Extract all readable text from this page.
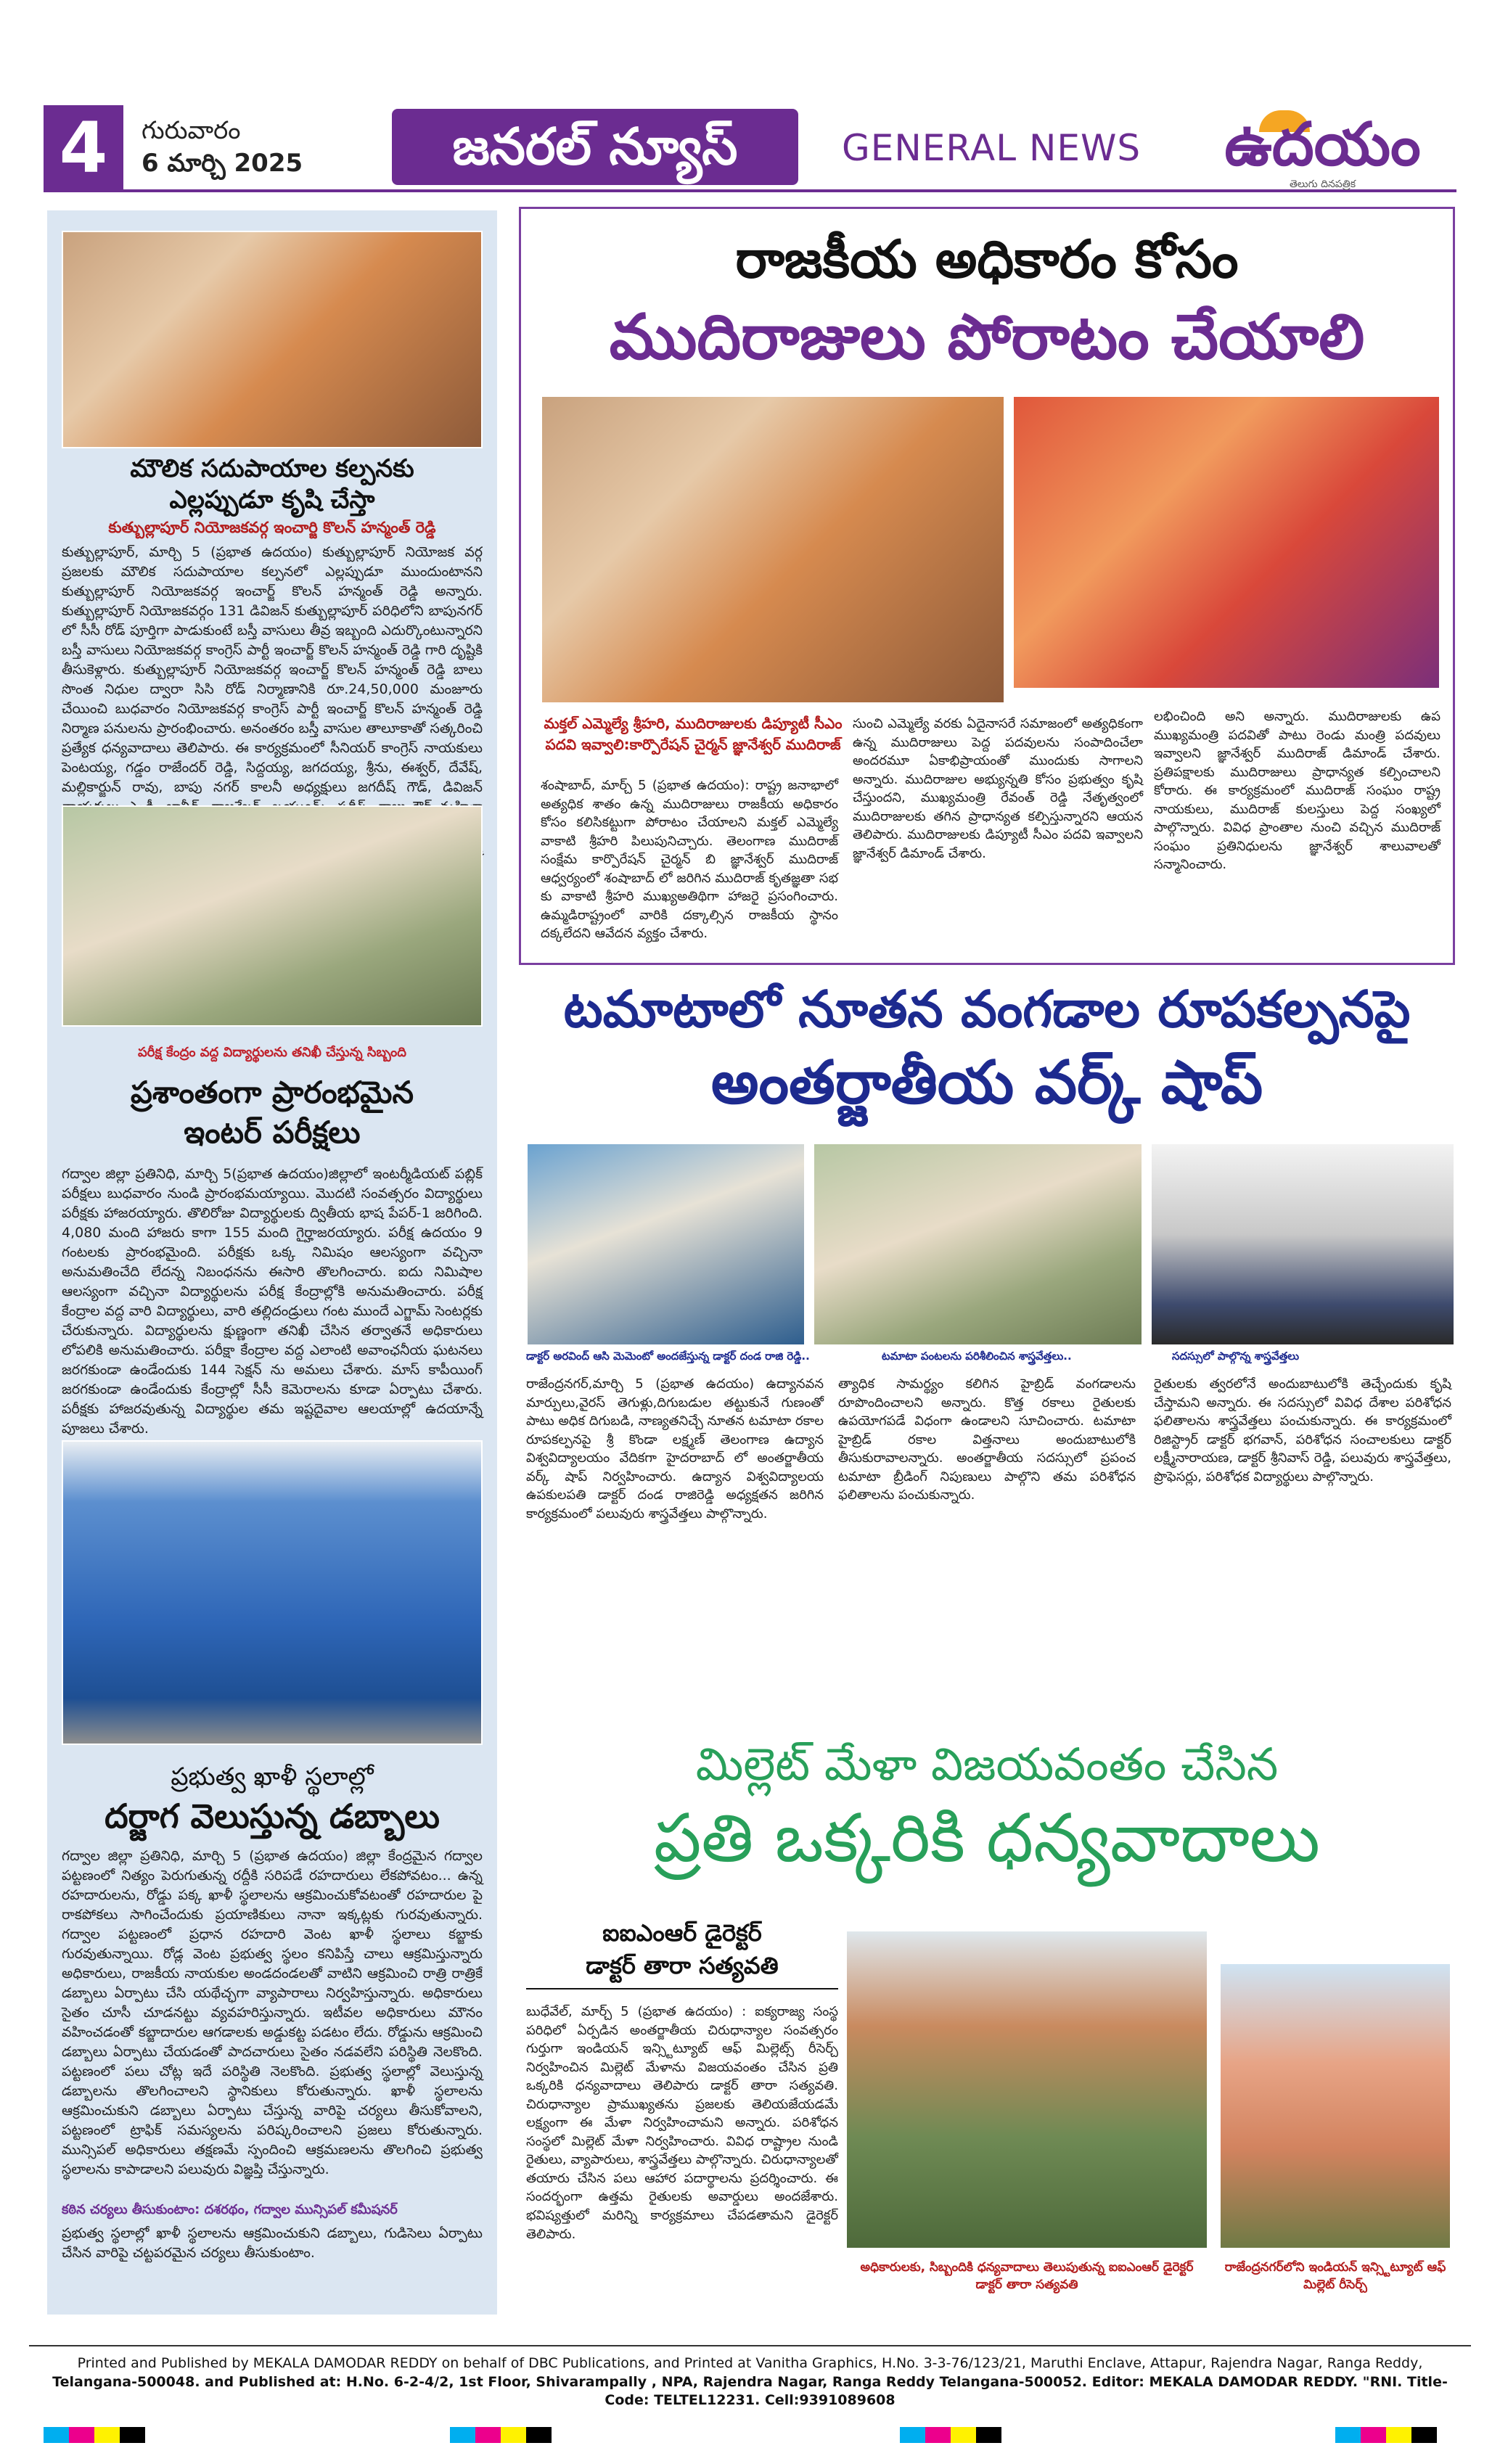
4	గురువారం
6 మార్చి 2025	జనరల్ న్యూస్	GENERAL NEWS	ఉదయం
తెలుగు దినపత్రిక
మౌలిక సదుపాయాల కల్పనకు
ఎల్లప్పుడూ కృషి చేస్తా
కుత్బుల్లాపూర్ నియోజకవర్గ ఇంచార్జి కొలన్ హన్మంత్ రెడ్డి
కుత్బుల్లాపూర్, మార్చి 5 (ప్రభాత ఉదయం) కుత్బుల్లాపూర్ నియోజక వర్గ ప్రజలకు మౌలిక సదుపాయాల కల్పనలో ఎల్లప్పుడూ ముందుంటానని కుత్బుల్లాపూర్ నియోజకవర్గ ఇంచార్జ్ కొలన్ హన్మంత్ రెడ్డి అన్నారు. కుత్బుల్లాపూర్ నియోజకవర్గం 131 డివిజన్ కుత్బుల్లాపూర్ పరిధిలోని బాపునగర్ లో సీసీ రోడ్ పూర్తిగా పాడుకుంటే బస్తీ వాసులు తీవ్ర ఇబ్బంది ఎదుర్కొంటున్నారని బస్తీ వాసులు నియోజకవర్గ కాంగ్రెస్ పార్టీ ఇంచార్జ్ కొలన్ హన్మంత్ రెడ్డి గారి దృష్టికి తీసుకెళ్లారు. కుత్బుల్లాపూర్ నియోజకవర్గ ఇంచార్జ్ కొలన్ హన్మంత్ రెడ్డి బాలు సొంత నిధుల ద్వారా సిసి రోడ్ నిర్మాణానికి రూ.24,50,000 మంజూరు చేయించి బుధవారం నియోజకవర్గ కాంగ్రెస్ పార్టీ ఇంచార్జ్ కొలన్ హన్మంత్ రెడ్డి నిర్మాణ పనులను ప్రారంభించారు. అనంతరం బస్తీ వాసుల తాలూకాతో సత్కరించి ప్రత్యేక ధన్యవాదాలు తెలిపారు. ఈ కార్యక్రమంలో సీనియర్ కాంగ్రెస్ నాయకులు పెంటయ్య, గడ్డం రాజేందర్ రెడ్డి, సిద్దయ్య, జగదయ్య, శ్రీను, ఈశ్వర్, దేవేష్, మల్లికార్జున్ రావు, బాపు నగర్ కాలనీ అధ్యక్షులు జగదీష్ గౌడ్, డివిజన్
పరీక్ష కేంద్రం వద్ద విద్యార్థులను తనిఖీ చేస్తున్న సిబ్బంది
ప్రశాంతంగా ప్రారంభమైన
ఇంటర్ పరీక్షలు
గద్వాల జిల్లా ప్రతినిధి, మార్చి 5(ప్రభాత ఉదయం)జిల్లాలో ఇంటర్మీడియట్ పబ్లిక్ పరీక్షలు బుధవారం నుండి ప్రారంభమయ్యాయి. మొదటి సంవత్సరం విద్యార్థులు పరీక్షకు హాజరయ్యారు. తొలిరోజు విద్యార్థులకు ద్వితీయ భాష పేపర్-1 జరిగింది. 4,080 మంది హాజరు కాగా 155 మంది గైర్హాజరయ్యారు. పరీక్ష ఉదయం 9 గంటలకు ప్రారంభమైంది. పరీక్షకు ఒక్క నిమిషం ఆలస్యంగా వచ్చినా అనుమతించేది లేదన్న నిబంధనను ఈసారి తొలగించారు. ఐదు నిమిషాల ఆలస్యంగా వచ్చినా విద్యార్థులను పరీక్ష కేంద్రాల్లోకి అనుమతించారు. పరీక్ష కేంద్రాల వద్ద వారి విద్యార్థులు, వారి తల్లిదండ్రులు గంట ముందే ఎగ్జామ్ సెంటర్లకు చేరుకున్నారు. విద్యార్థులను క్షుణ్ణంగా తనిఖీ చేసిన తర్వాతనే అధికారులు లోపలికి అనుమతించారు. పరీక్షా కేంద్రాల వద్ద ఎలాంటి అవాంఛనీయ ఘటనలు జరగకుండా ఉండేందుకు 144 సెక్షన్ ను అమలు చేశారు. మాస్ కాపీయింగ్ జరగకుండా ఉండేందుకు కేంద్రాల్లో సీసీ కెమెరాలను కూడా ఏర్పాటు చేశారు. పరీక్షకు హాజరవుతున్న విద్యార్థుల తమ ఇష్టదైవాల ఆలయాల్లో ఉదయాన్నే పూజలు చేశారు.
ప్రభుత్వ ఖాళీ స్థలాల్లో
దర్జాగ వెలుస్తున్న డబ్బాలు
గద్వాల జిల్లా ప్రతినిధి, మార్చి 5 (ప్రభాత ఉదయం) జిల్లా కేంద్రమైన గద్వాల పట్టణంలో నిత్యం పెరుగుతున్న రద్దీకి సరిపడే రహదారులు లేకపోవటం... ఉన్న రహదారులను, రోడ్డు పక్క ఖాళీ స్థలాలను ఆక్రమించుకోవటంతో రహదారుల పై రాకపోకలు సాగించేందుకు ప్రయాణికులు నానా ఇక్కట్లకు గురవుతున్నారు. గద్వాల పట్టణంలో ప్రధాన రహదారి వెంట ఖాళీ స్థలాలు కబ్జాకు గురవుతున్నాయి. రోడ్ల వెంట ప్రభుత్వ స్థలం కనిపిస్తే చాలు ఆక్రమిస్తున్నారు అధికారులు, రాజకీయ నాయకుల అండదండలతో వాటిని ఆక్రమించి రాత్రి రాత్రికే డబ్బాలు ఏర్పాటు చేసి యథేచ్ఛగా వ్యాపారాలు నిర్వహిస్తున్నారు. అధికారులు సైతం చూసీ చూడనట్టు వ్యవహరిస్తున్నారు. ఇటీవల అధికారులు మౌనం వహించడంతో కబ్జాదారుల ఆగడాలకు అడ్డుకట్ట పడటం లేదు. రోడ్డును ఆక్రమించి డబ్బాలు ఏర్పాటు చేయడంతో పాదచారులు సైతం నడవలేని పరిస్థితి నెలకొంది. పట్టణంలో పలు చోట్ల ఇదే పరిస్థితి నెలకొంది. ప్రభుత్వ స్థలాల్లో వెలుస్తున్న డబ్బాలను తొలగించాలని స్థానికులు కోరుతున్నారు. ఖాళీ స్థలాలను ఆక్రమించుకుని డబ్బాలు ఏర్పాటు చేస్తున్న వారిపై చర్యలు తీసుకోవాలని, పట్టణంలో ట్రాఫిక్ సమస్యలను పరిష్కరించాలని ప్రజలు కోరుతున్నారు. మున్సిపల్ అధికారులు తక్షణమే స్పందించి ఆక్రమణలను తొలగించి ప్రభుత్వ స్థలాలను కాపాడాలని పలువురు విజ్ఞప్తి చేస్తున్నారు.
కఠిన చర్యలు తీసుకుంటాం: దశరథం, గద్వాల మున్సిపల్ కమీషనర్
ప్రభుత్వ స్థలాల్లో ఖాళీ స్థలాలను ఆక్రమించుకుని డబ్బాలు, గుడిసెలు ఏర్పాటు చేసిన వారిపై చట్టపరమైన చర్యలు తీసుకుంటాం.
రాజకీయ అధికారం కోసం
ముదిరాజులు పోరాటం చేయాలి
మక్తల్ ఎమ్మెల్యే శ్రీహరి, ముదిరాజులకు డిప్యూటీ సీఎం పదవి ఇవ్వాలి:కార్పొరేషన్ చైర్మన్ జ్ఞానేశ్వర్ ముదిరాజ్
శంషాబాద్, మార్చ్ 5 (ప్రభాత ఉదయం): రాష్ట్ర జనాభాలో అత్యధిక శాతం ఉన్న ముదిరాజులు రాజకీయ అధికారం కోసం కలిసికట్టుగా పోరాటం చేయాలని మక్తల్ ఎమ్మెల్యే వాకాటి శ్రీహరి పిలుపునిచ్చారు. తెలంగాణ ముదిరాజ్ సంక్షేమ కార్పొరేషన్ చైర్మన్ బి జ్ఞానేశ్వర్ ముదిరాజ్ ఆధ్వర్యంలో శంషాబాద్ లో జరిగిన ముదిరాజ్ కృతజ్ఞతా సభ కు వాకాటి శ్రీహరి ముఖ్యఅతిథిగా హాజరై ప్రసంగించారు. ఉమ్మడిరాష్ట్రంలో వారికి దక్కాల్సిన రాజకీయ స్థానం దక్కలేదని ఆవేదన వ్యక్తం చేశారు.
సుంచి ఎమ్మెల్యే వరకు ఏదైనాసరే సమాజంలో అత్యధికంగా ఉన్న ముదిరాజులు పెద్ద పదవులను సంపాదించేలా అందరమూ ఏకాభిప్రాయంతో ముందుకు సాగాలని అన్నారు. ముదిరాజుల అభ్యున్నతి కోసం ప్రభుత్వం కృషి చేస్తుందని, ముఖ్యమంత్రి రేవంత్ రెడ్డి నేతృత్వంలో ముదిరాజులకు తగిన ప్రాధాన్యత కల్పిస్తున్నారని ఆయన తెలిపారు. ముదిరాజులకు డిప్యూటీ సీఎం పదవి ఇవ్వాలని జ్ఞానేశ్వర్ డిమాండ్ చేశారు.
లభించింది అని అన్నారు. ముదిరాజులకు ఉప ముఖ్యమంత్రి పదవితో పాటు రెండు మంత్రి పదవులు ఇవ్వాలని జ్ఞానేశ్వర్ ముదిరాజ్ డిమాండ్ చేశారు. ప్రతిపక్షాలకు ముదిరాజులు ప్రాధాన్యత కల్పించాలని కోరారు. ఈ కార్యక్రమంలో ముదిరాజ్ సంఘం రాష్ట్ర నాయకులు, ముదిరాజ్ కులస్తులు పెద్ద సంఖ్యలో పాల్గొన్నారు. వివిధ ప్రాంతాల నుంచి వచ్చిన ముదిరాజ్ సంఘం ప్రతినిధులను జ్ఞానేశ్వర్ శాలువాలతో సన్మానించారు.
టమాటాలో నూతన వంగడాల రూపకల్పనపై
అంతర్జాతీయ వర్క్ షాప్
డాక్టర్ అరవింద్ ఆసి మెమెంటో అందజేస్తున్న డాక్టర్ దండ రాజి రెడ్డి..	టమాటా పంటలను పరిశీలించిన శాస్త్రవేత్తలు..	సదస్సులో పాల్గొన్న శాస్త్రవేత్తలు
రాజేంద్రనగర్,మార్చి 5 (ప్రభాత ఉదయం) ఉద్యానవన మార్పులు,వైరస్ తెగుళ్లు,దిగుబడుల తట్టుకునే గుణంతో పాటు అధిక దిగుబడి, నాణ్యతనిచ్చే నూతన టమాటా రకాల రూపకల్పనపై శ్రీ కొండా లక్ష్మణ్ తెలంగాణ ఉద్యాన విశ్వవిద్యాలయం వేదికగా హైదరాబాద్ లో అంతర్జాతీయ వర్క్ షాప్ నిర్వహించారు. ఉద్యాన విశ్వవిద్యాలయ ఉపకులపతి డాక్టర్ దండ రాజిరెడ్డి అధ్యక్షతన జరిగిన కార్యక్రమంలో పలువురు శాస్త్రవేత్తలు పాల్గొన్నారు.
త్యాధిక సామర్థ్యం కలిగిన హైబ్రిడ్ వంగడాలను రూపొందించాలని అన్నారు. కొత్త రకాలు రైతులకు ఉపయోగపడే విధంగా ఉండాలని సూచించారు. టమాటా హైబ్రిడ్ రకాల విత్తనాలు అందుబాటులోకి తీసుకురావాలన్నారు. అంతర్జాతీయ సదస్సులో ప్రపంచ టమాటా బ్రీడింగ్ నిపుణులు పాల్గొని తమ పరిశోధన ఫలితాలను పంచుకున్నారు.
రైతులకు త్వరలోనే అందుబాటులోకి తెచ్చేందుకు కృషి చేస్తామని అన్నారు. ఈ సదస్సులో వివిధ దేశాల పరిశోధన ఫలితాలను శాస్త్రవేత్తలు పంచుకున్నారు. ఈ కార్యక్రమంలో రిజిస్ట్రార్ డాక్టర్ భగవాన్, పరిశోధన సంచాలకులు డాక్టర్ లక్ష్మీనారాయణ, డాక్టర్ శ్రీనివాస్ రెడ్డి, పలువురు శాస్త్రవేత్తలు, ప్రొఫెసర్లు, పరిశోధక విద్యార్థులు పాల్గొన్నారు.
మిల్లెట్ మేళా విజయవంతం చేసిన
ప్రతి ఒక్కరికి ధన్యవాదాలు
ఐఐఎంఆర్ డైరెక్టర్
డాక్టర్ తారా సత్యవతి
బుధేవేల్, మార్చ్ 5 (ప్రభాత ఉదయం) : ఐక్యరాజ్య సంస్థ పరిధిలో ఏర్పడిన అంతర్జాతీయ చిరుధాన్యాల సంవత్సరం గుర్తుగా ఇండియన్ ఇన్స్టిట్యూట్ ఆఫ్ మిల్లెట్స్ రీసెర్చ్ నిర్వహించిన మిల్లెట్ మేళాను విజయవంతం చేసిన ప్రతి ఒక్కరికి ధన్యవాదాలు తెలిపారు డాక్టర్ తారా సత్యవతి. చిరుధాన్యాల ప్రాముఖ్యతను ప్రజలకు తెలియజేయడమే లక్ష్యంగా ఈ మేళా నిర్వహించామని అన్నారు. పరిశోధన సంస్థలో మిల్లెట్ మేళా నిర్వహించారు. వివిధ రాష్ట్రాల నుండి రైతులు, వ్యాపారులు, శాస్త్రవేత్తలు పాల్గొన్నారు. చిరుధాన్యాలతో తయారు చేసిన పలు ఆహార పదార్థాలను ప్రదర్శించారు. ఈ సందర్భంగా ఉత్తమ రైతులకు అవార్డులు అందజేశారు. భవిష్యత్తులో మరిన్ని కార్యక్రమాలు చేపడతామని డైరెక్టర్ తెలిపారు.
అధికారులకు, సిబ్బందికి ధన్యవాదాలు తెలుపుతున్న ఐఐఎంఆర్ డైరెక్టర్ డాక్టర్ తారా సత్యవతి
రాజేంద్రనగర్‌లోని ఇండియన్ ఇన్స్టిట్యూట్ ఆఫ్ మిల్లెట్ రీసెర్చ్
Printed and Published by MEKALA DAMODAR REDDY on behalf of DBC Publications, and Printed at Vanitha Graphics, H.No. 3-3-76/123/21, Maruthi Enclave, Attapur, Rajendra Nagar, Ranga Reddy,
Telangana-500048. and Published at: H.No. 6-2-4/2, 1st Floor, Shivarampally , NPA, Rajendra Nagar, Ranga Reddy Telangana-500052. Editor: MEKALA DAMODAR REDDY. "RNI. Title- Code: TELTEL12231. Cell:9391089608
